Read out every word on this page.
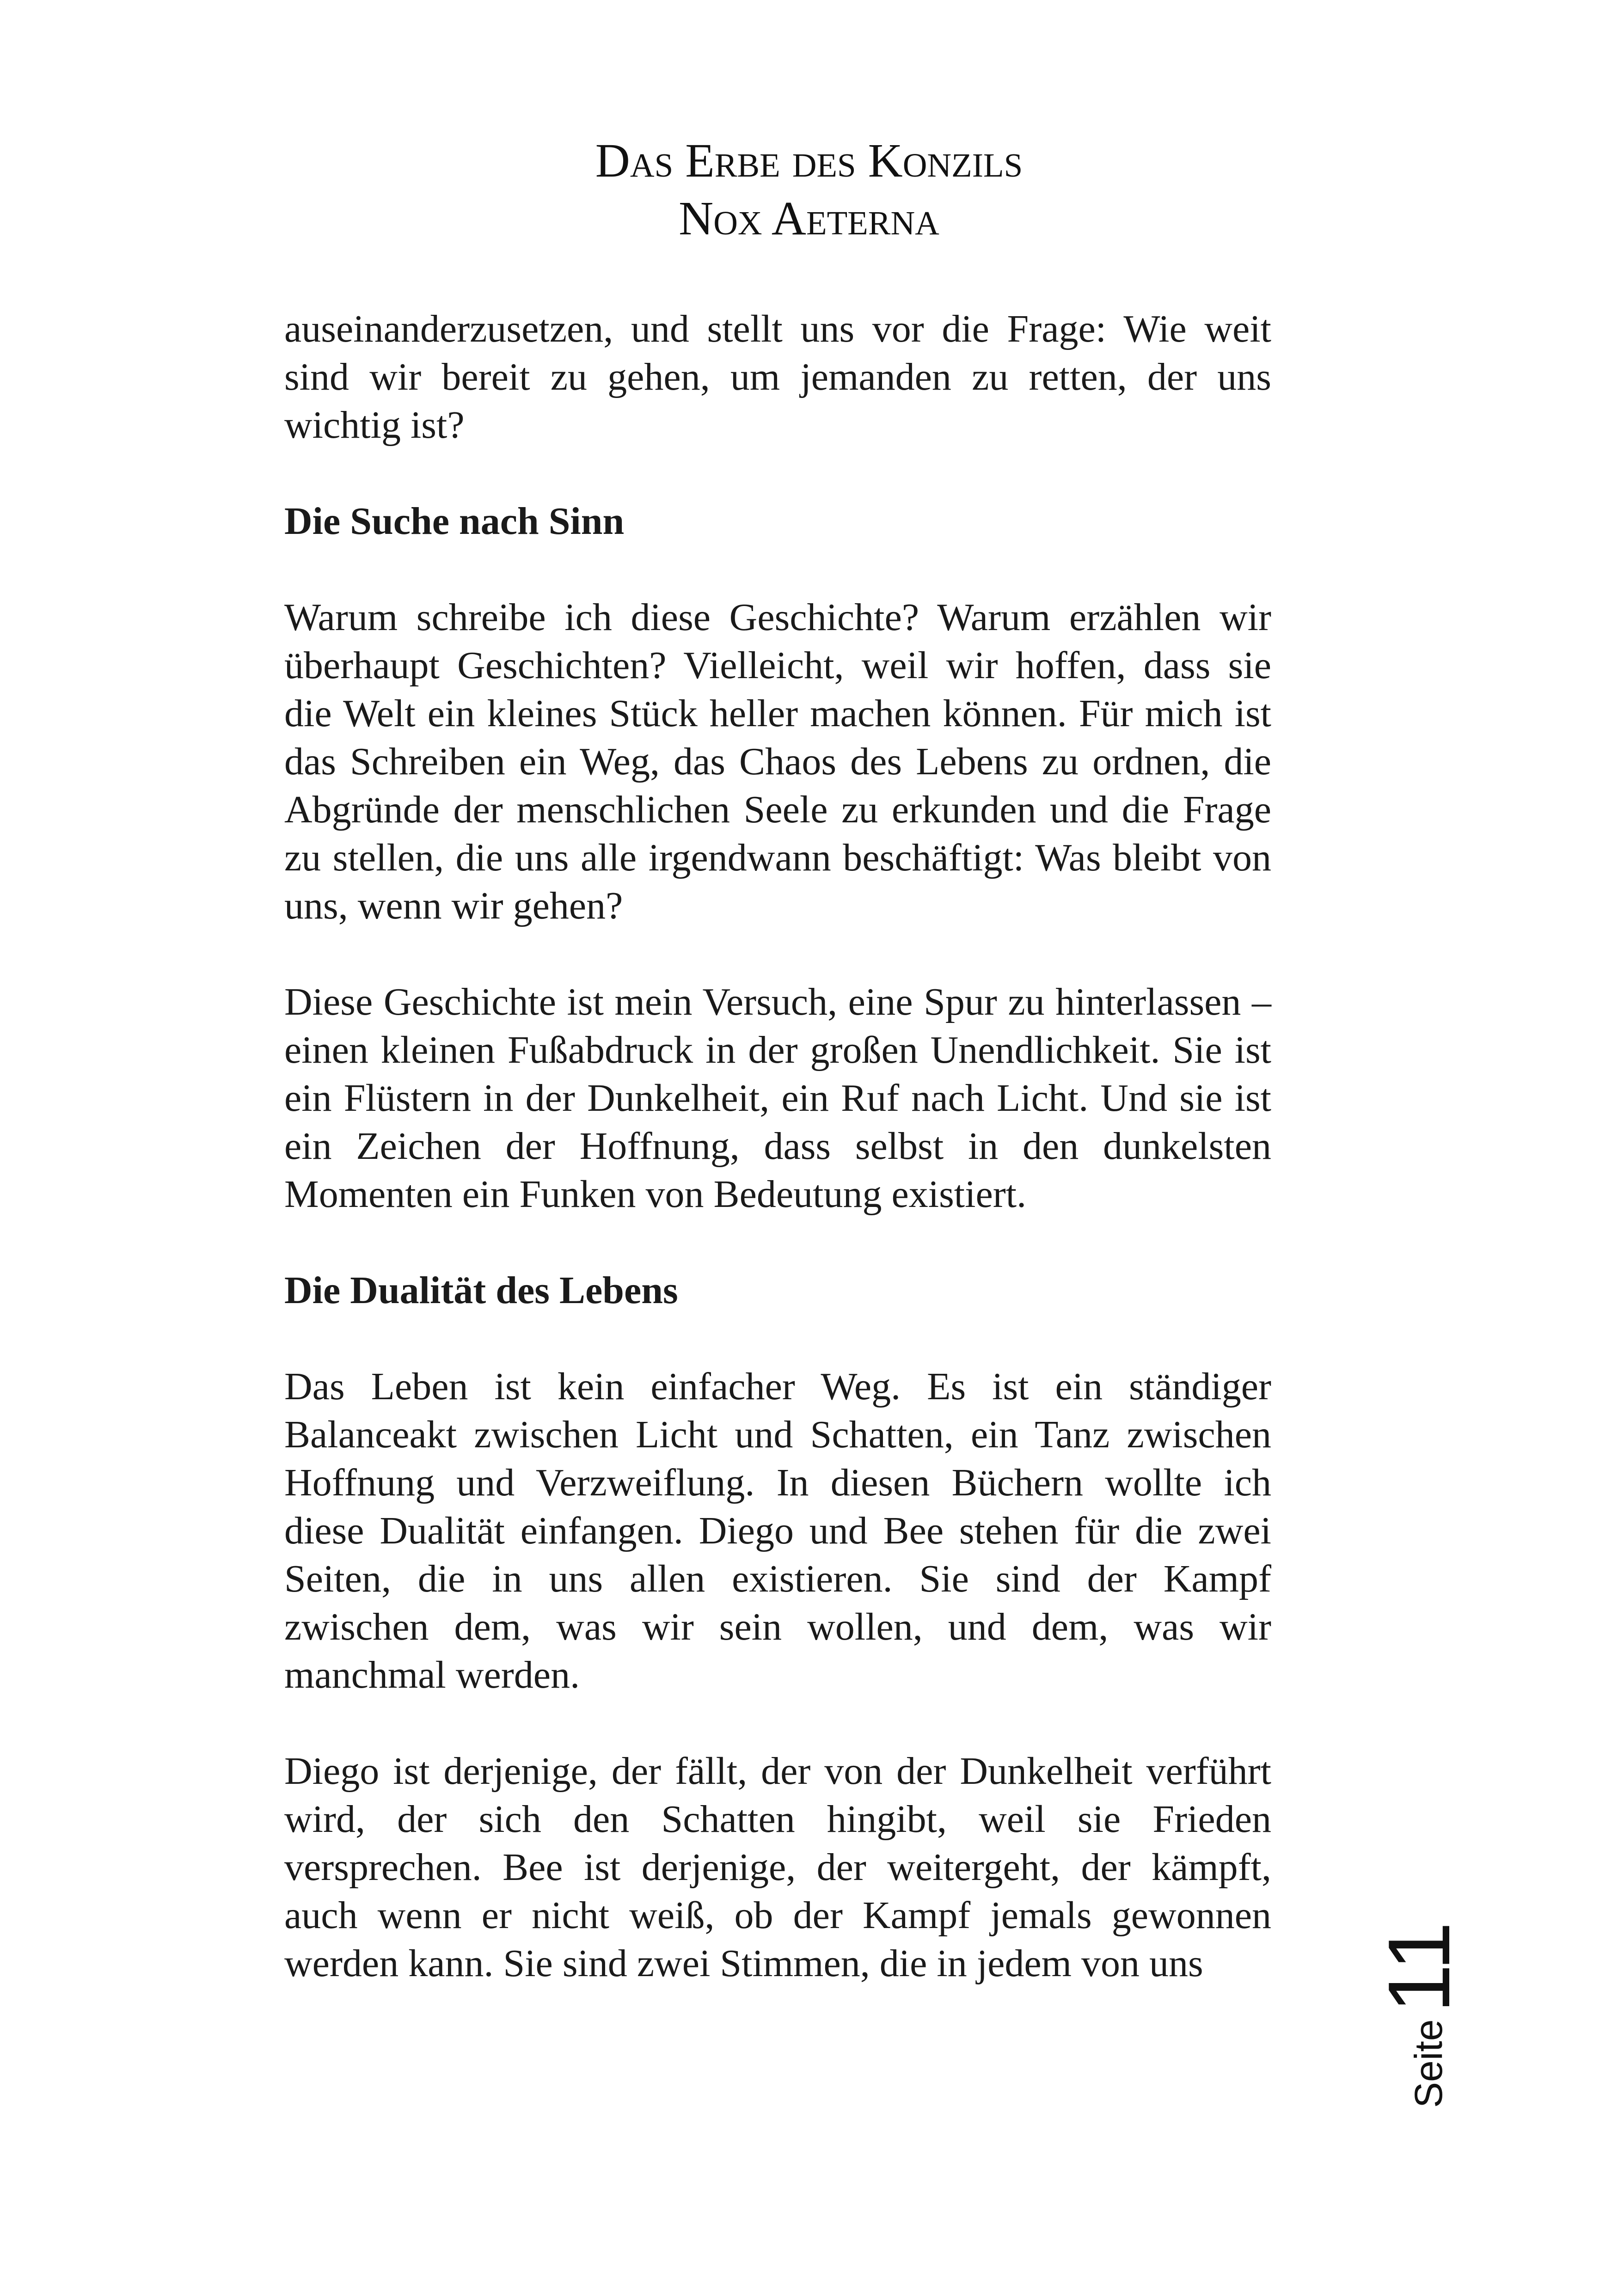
Das Erbe des Konzils
Nox Aeterna

auseinanderzusetzen, und stellt uns vor die Frage: Wie weit sind wir bereit zu gehen, um jemanden zu retten, der uns wichtig ist?

Die Suche nach Sinn

Warum schreibe ich diese Geschichte? Warum erzählen wir überhaupt Geschichten? Vielleicht, weil wir hoffen, dass sie die Welt ein kleines Stück heller machen können. Für mich ist das Schreiben ein Weg, das Chaos des Lebens zu ordnen, die Abgründe der menschlichen Seele zu erkunden und die Frage zu stellen, die uns alle irgendwann beschäftigt: Was bleibt von uns, wenn wir gehen?

Diese Geschichte ist mein Versuch, eine Spur zu hinterlassen – einen kleinen Fußabdruck in der großen Unendlichkeit. Sie ist ein Flüstern in der Dunkelheit, ein Ruf nach Licht. Und sie ist ein Zeichen der Hoffnung, dass selbst in den dunkelsten Momenten ein Funken von Bedeutung existiert.

Die Dualität des Lebens

Das Leben ist kein einfacher Weg. Es ist ein ständiger Balanceakt zwischen Licht und Schatten, ein Tanz zwischen Hoffnung und Verzweiflung. In diesen Büchern wollte ich diese Dualität einfangen. Diego und Bee stehen für die zwei Seiten, die in uns allen existieren. Sie sind der Kampf zwischen dem, was wir sein wollen, und dem, was wir manchmal werden.

Diego ist derjenige, der fällt, der von der Dunkelheit verführt wird, der sich den Schatten hingibt, weil sie Frieden versprechen. Bee ist derjenige, der weitergeht, der kämpft, auch wenn er nicht weiß, ob der Kampf jemals gewonnen werden kann. Sie sind zwei Stimmen, die in jedem von uns

Seite
11
